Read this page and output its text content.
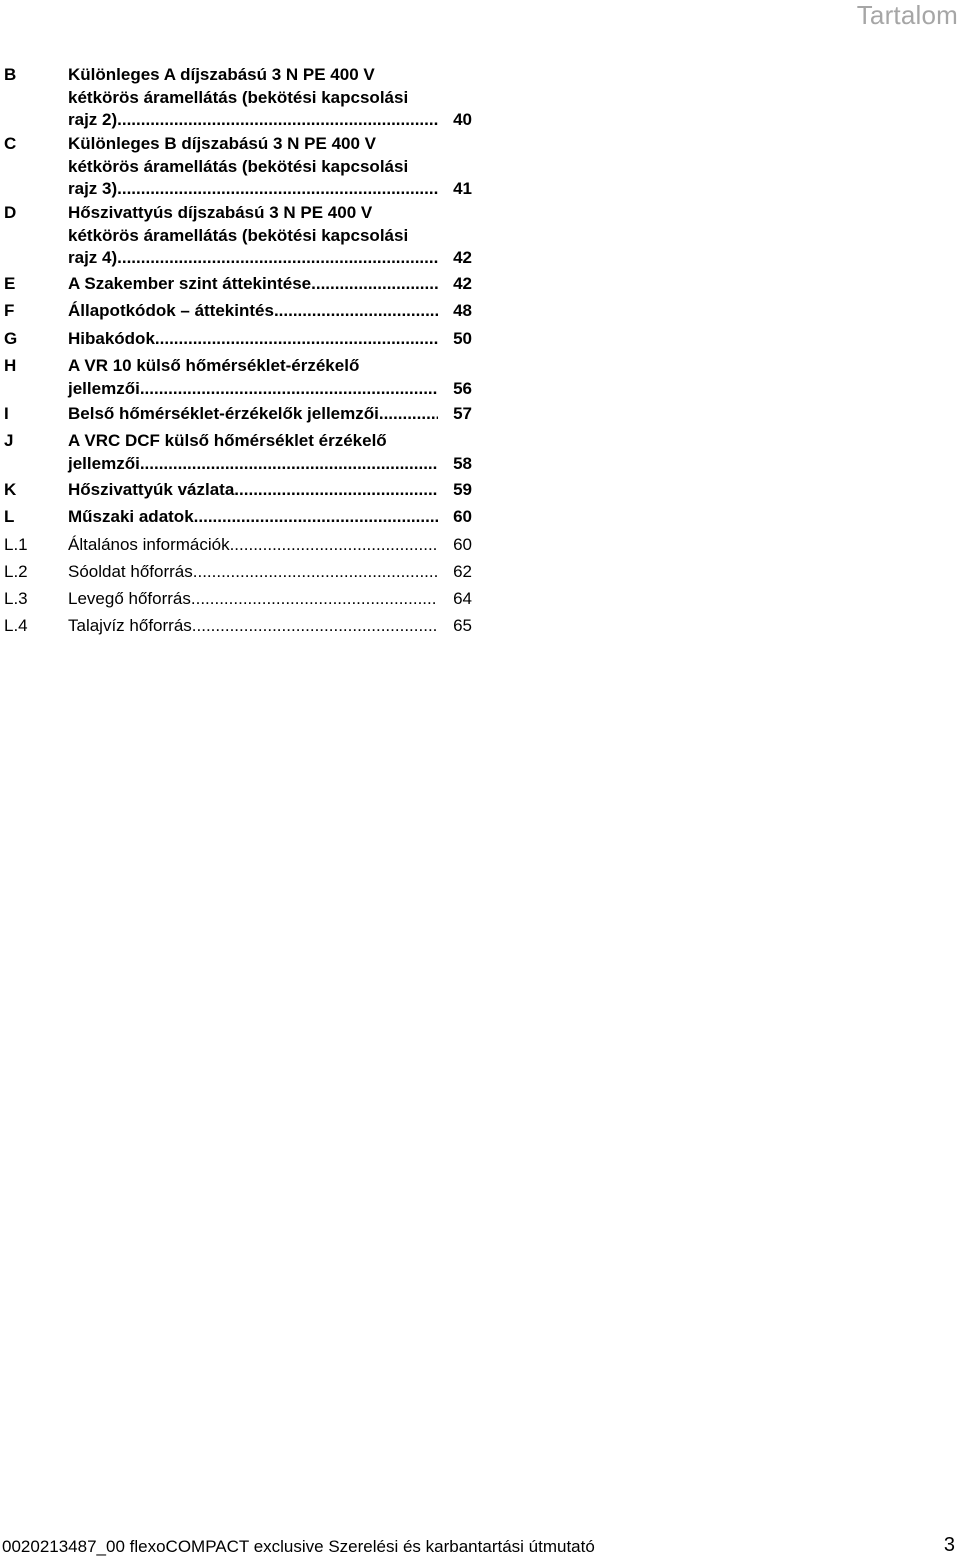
Tartalom
B	Különleges A díjszabású 3 N PE 400 V
kétkörös áramellátás (bekötési kapcsolási
rajz 2) .....	40
C	Különleges B díjszabású 3 N PE 400 V
kétkörös áramellátás (bekötési kapcsolási
rajz 3) .....	41
D	Hőszivattyús díjszabású 3 N PE 400 V
kétkörös áramellátás (bekötési kapcsolási
rajz 4) .....	42
E	A Szakember szint áttekintése .....	42
F	Állapotkódok – áttekintés .....	48
G	Hibakódok .....	50
H	A VR 10 külső hőmérséklet-érzékelő
jellemzői .....	56
I	Belső hőmérséklet-érzékelők jellemzői .....	57
J	A VRC DCF külső hőmérséklet érzékelő
jellemzői .....	58
K	Hőszivattyúk vázlata .....	59
L	Műszaki adatok .....	60
L.1 Általános információk .....	60
L.2 Sóoldat hőforrás .....	62
L.3 Levegő hőforrás .....	64
L.4 Talajvíz hőforrás .....	65
0020213487_00 flexoCOMPACT exclusive Szerelési és karbantartási útmutató	3
